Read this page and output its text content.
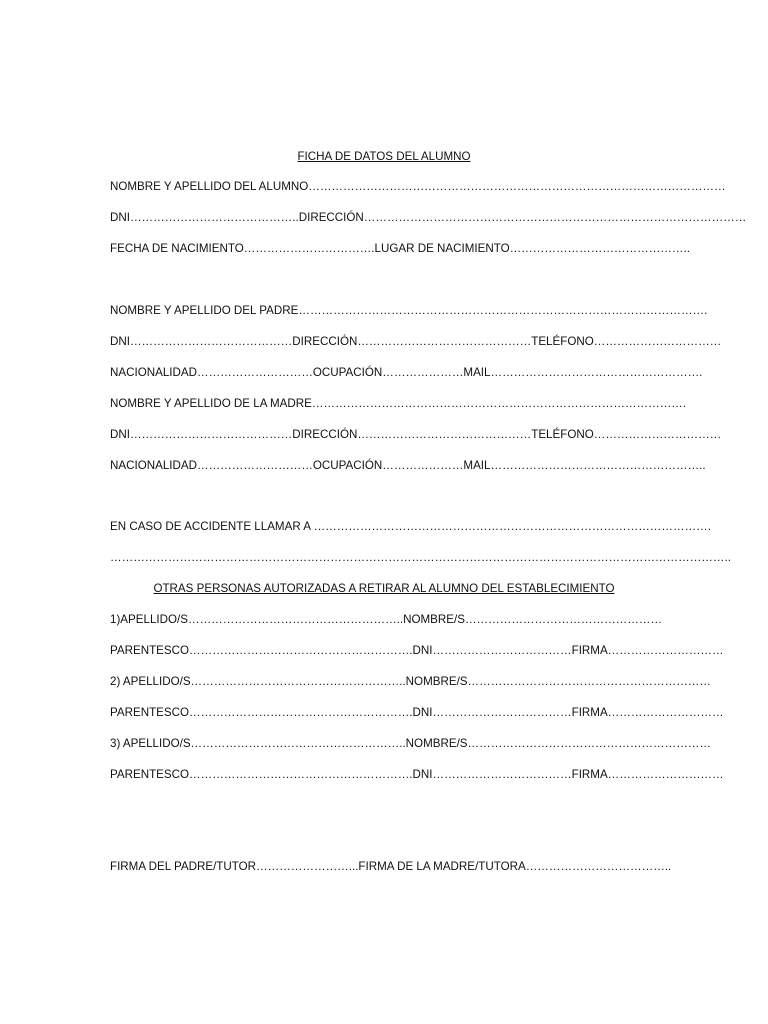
FICHA DE DATOS DEL ALUMNO
NOMBRE Y APELLIDO DEL ALUMNO………………………………………………………………………………………………
DNI……………………………………..DIRECCIÓN………………………………………………………………………………………
FECHA DE NACIMIENTO…………………………….LUGAR DE NACIMIENTO………………………………………..
NOMBRE Y APELLIDO DEL PADRE…………………………………………………………………………………………….
DNI……………………………………DIRECCIÓN………………………………………TELÉFONO……………………………
NACIONALIDAD…………………………OCUPACIÓN…………………MAIL……………………………………………….
NOMBRE Y APELLIDO DE LA MADRE…………………………………………………………………………………….
DNI……………………………………DIRECCIÓN………………………………………TELÉFONO……………………………
NACIONALIDAD…………………………OCUPACIÓN…………………MAIL………………………………………………..
EN CASO DE ACCIDENTE LLAMAR A ………………………………………………………………………………………….
……………………………………………………………………………………………………………………………………………..
OTRAS PERSONAS AUTORIZADAS A RETIRAR AL ALUMNO DEL ESTABLECIMIENTO
1)APELLIDO/S………………………………………………..NOMBRE/S……………………………………………
PARENTESCO………………………………………………….DNI………………………………FIRMA…………………………
2) APELLIDO/S………………………………………………..NOMBRE/S………………………………………………………
PARENTESCO………………………………………………….DNI………………………………FIRMA…………………………
3) APELLIDO/S………………………………………………..NOMBRE/S………………………………………………………
PARENTESCO………………………………………………….DNI………………………………FIRMA…………………………
FIRMA DEL PADRE/TUTOR……………………...FIRMA DE LA MADRE/TUTORA………………………………..
